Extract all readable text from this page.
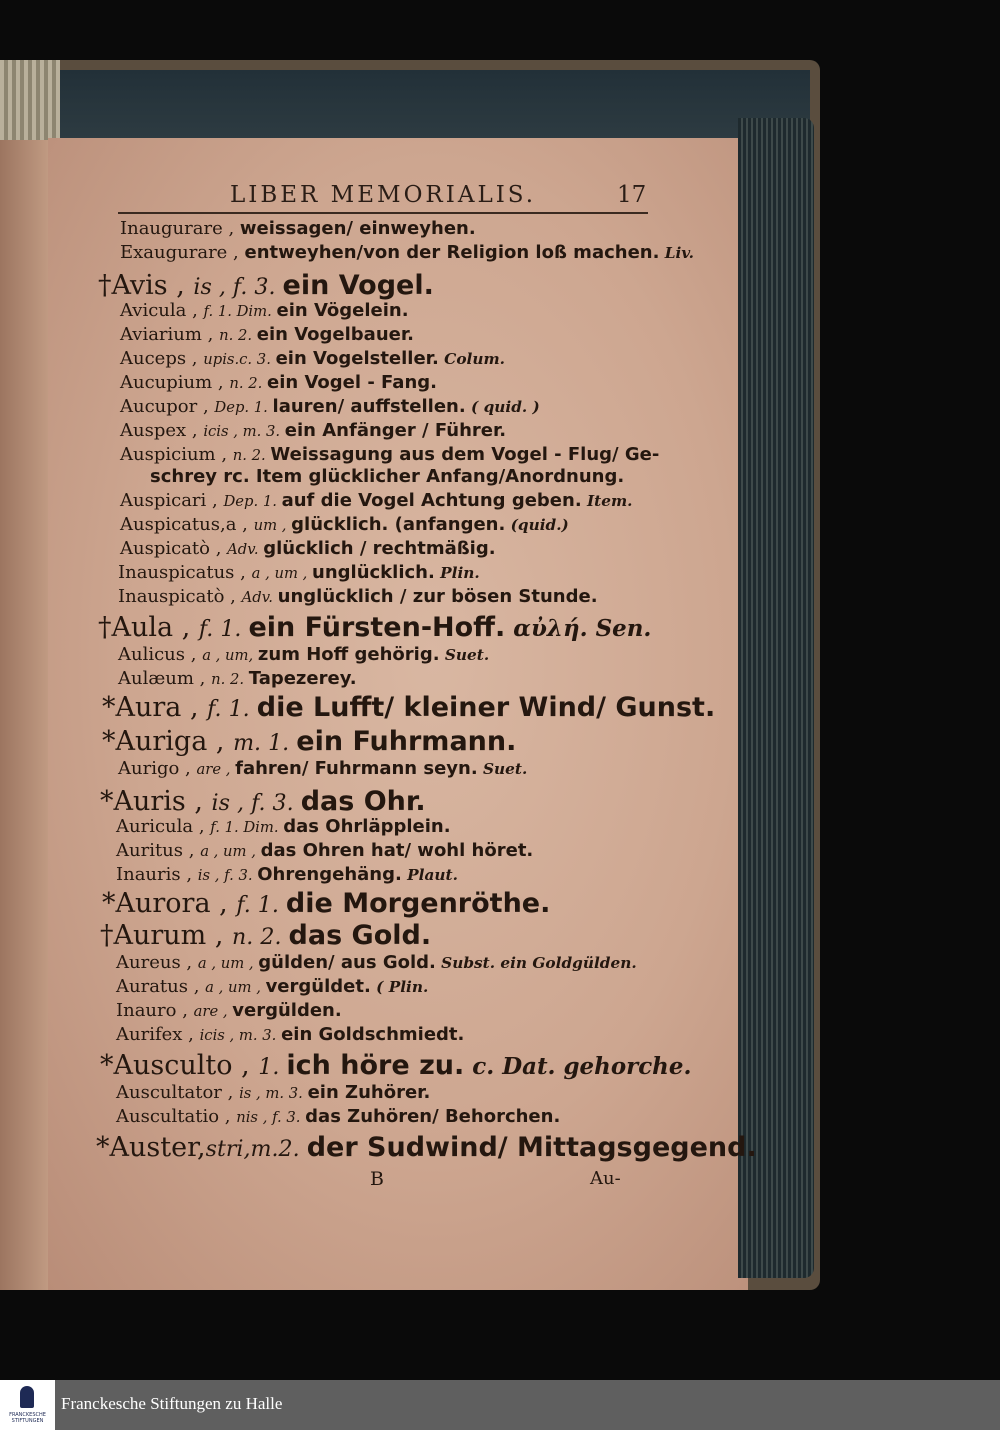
LIBER MEMORIALIS.	17
Inaugurare , weissagen/ einweyhen.
Exaugurare , entweyhen/von der Religion loß machen. Liv.
†Avis , is , f. 3. ein Vogel.
Avicula , f. 1. Dim. ein Vögelein.
Aviarium , n. 2. ein Vogelbauer.
Auceps , upis.c. 3. ein Vogelsteller. Colum.
Aucupium , n. 2. ein Vogel - Fang.
Aucupor , Dep. 1. lauren/ auffstellen. ( quid. )
Auspex , icis , m. 3. ein Anfänger / Führer.
Auspicium , n. 2. Weissagung aus dem Vogel - Flug/ Ge-
schrey rc. Item glücklicher Anfang/Anordnung.
Auspicari , Dep. 1. auf die Vogel Achtung geben. Item.
Auspicatus,a , um , glücklich. (anfangen. (quid.)
Auspicatò , Adv. glücklich / rechtmäßig.
Inauspicatus , a , um , unglücklich. Plin.
Inauspicatò , Adv. unglücklich / zur bösen Stunde.
†Aula , f. 1. ein Fürsten-Hoff. αὐλή. Sen.
Aulicus , a , um, zum Hoff gehörig. Suet.
Aulæum , n. 2. Tapezerey.
*Aura , f. 1. die Lufft/ kleiner Wind/ Gunst.
*Auriga , m. 1. ein Fuhrmann.
Aurigo , are , fahren/ Fuhrmann seyn. Suet.
*Auris , is , f. 3. das Ohr.
Auricula , f. 1. Dim. das Ohrläpplein.
Auritus , a , um , das Ohren hat/ wohl höret.
Inauris , is , f. 3. Ohrengehäng. Plaut.
*Aurora , f. 1. die Morgenröthe.
†Aurum , n. 2. das Gold.
Aureus , a , um , gülden/ aus Gold. Subst. ein Goldgülden.
Auratus , a , um , vergüldet. ( Plin.
Inauro , are , vergülden.
Aurifex , icis , m. 3. ein Goldschmiedt.
*Ausculto , 1. ich höre zu. c. Dat. gehorche.
Auscultator , is , m. 3. ein Zuhörer.
Auscultatio , nis , f. 3. das Zuhören/ Behorchen.
*Auster,stri,m.2. der Sudwind/ Mittagsgegend.
B	Au-
FRANCKESCHE STIFTUNGEN
Franckesche Stiftungen zu Halle
